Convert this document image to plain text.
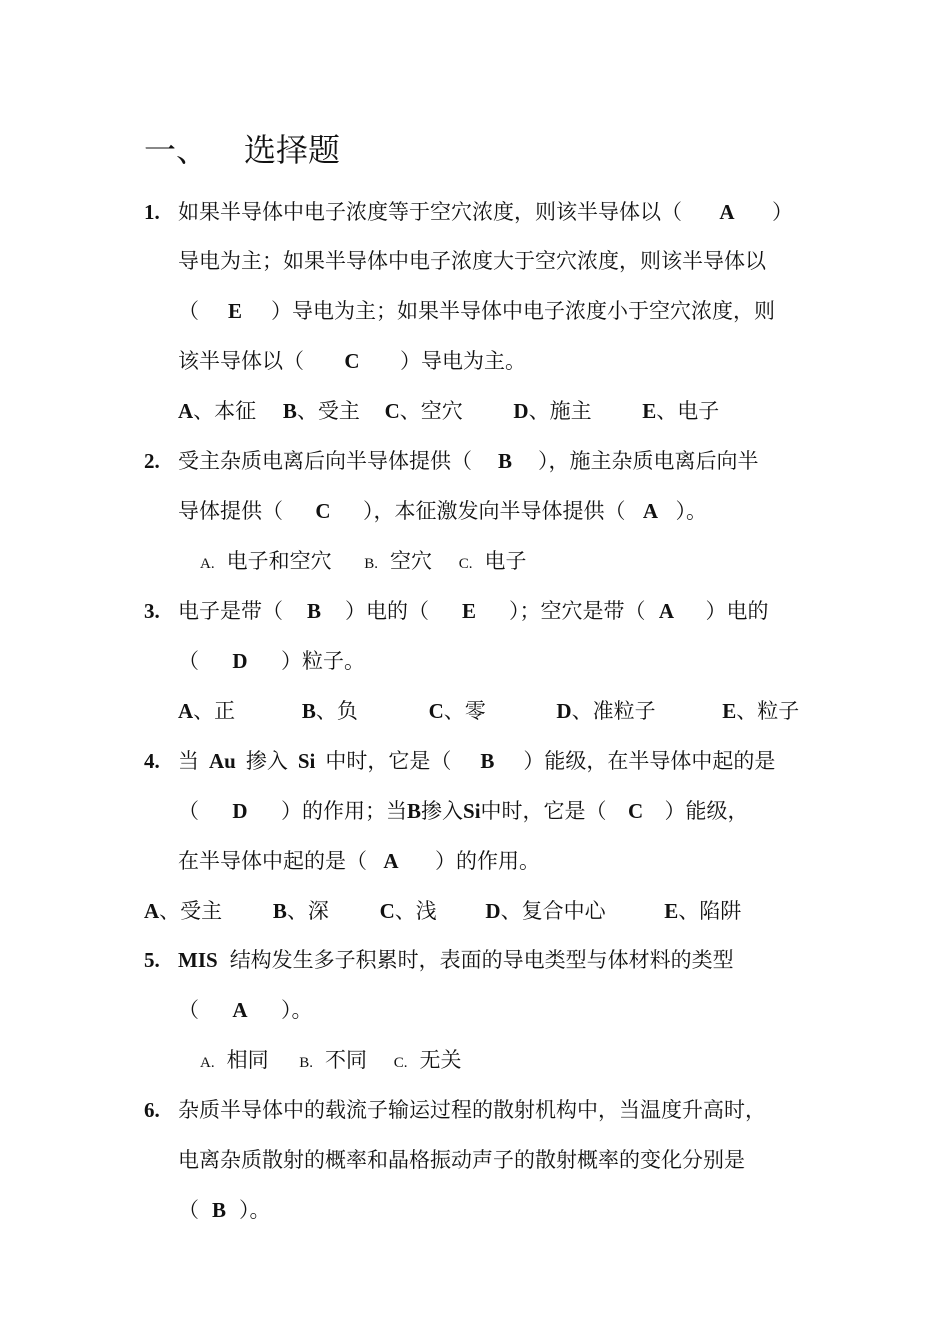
一、 选择题
1. 如果半导体中电子浓度等于空穴浓度，则该半导体以（ A ）
导电为主；如果半导体中电子浓度大于空穴浓度，则该半导体以
（ E ）导电为主；如果半导体中电子浓度小于空穴浓度，则
该半导体以（ C ）导电为主。
A、本征 B、受主 C、空穴 D、施主 E、电子
2. 受主杂质电离后向半导体提供（ B ），施主杂质电离后向半
导体提供（ C ），本征激发向半导体提供（ A ）。
A. 电子和空穴 B. 空穴 C. 电子
3. 电子是带（ B ）电的（ E ）；空穴是带（ A ）电的
（ D ）粒子。
A、正	B、负	C、零	D、准粒子	E、粒子
4. 当 Au 掺入 Si 中时，它是（ B ）能级，在半导体中起的是
（ D ）的作用；当B掺入Si中时，它是（ C ）能级，
在半导体中起的是（ A ）的作用。
A、受主 B、深 C、浅 D、复合中心	E、陷阱
5. MIS 结构发生多子积累时，表面的导电类型与体材料的类型
（ A ）。
A. 相同 B. 不同 C. 无关
6. 杂质半导体中的载流子输运过程的散射机构中，当温度升高时，
电离杂质散射的概率和晶格振动声子的散射概率的变化分别是
（ B ）。
